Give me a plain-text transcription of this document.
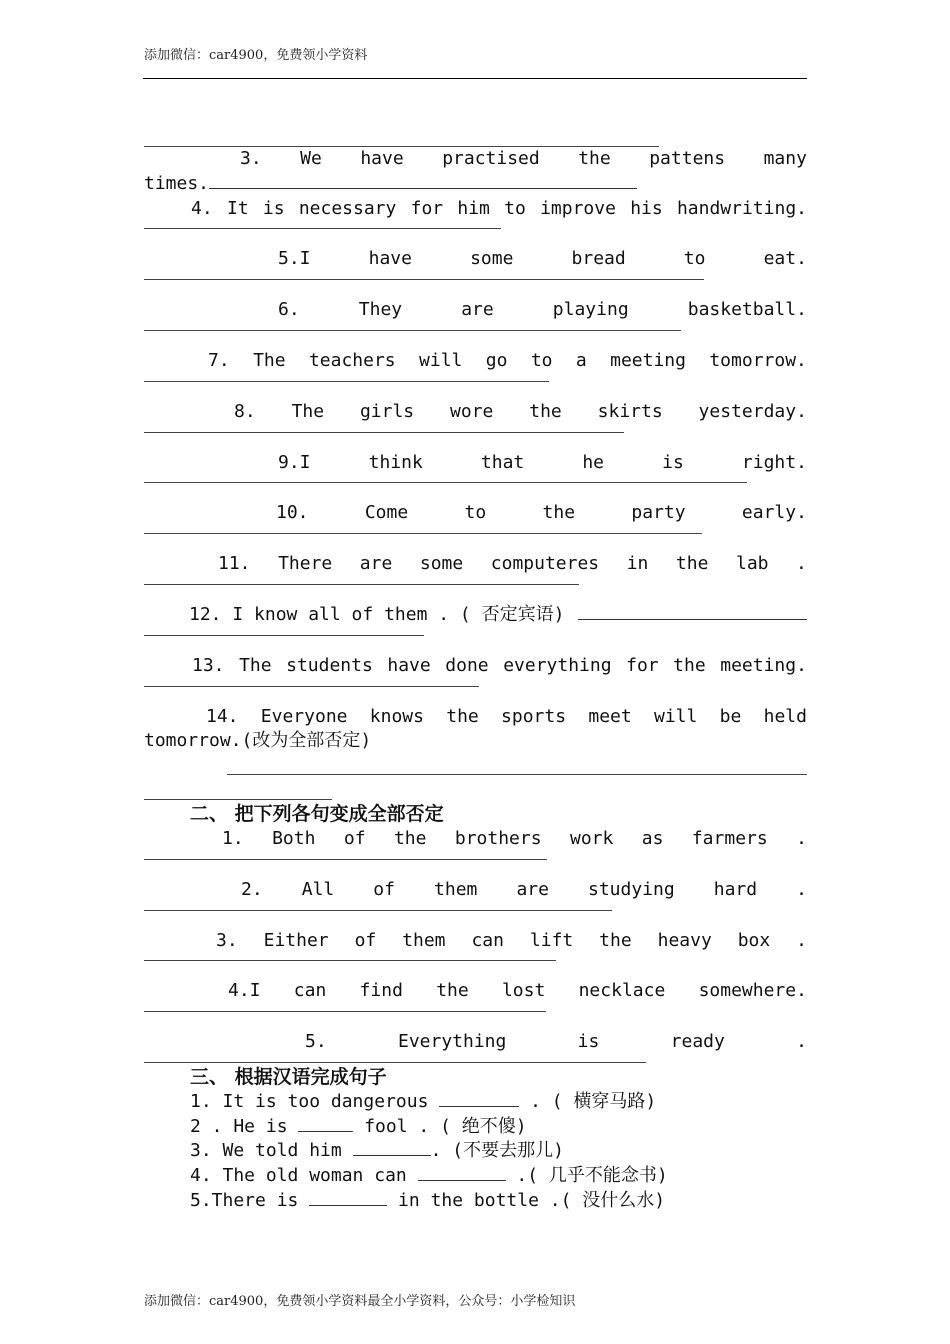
添加微信：car4900，免费领小学资料
3. We have practised the pattens many
times.
4. It is necessary for him to improve his handwriting.
5.I	have	some	bread	to	eat.
6.	They	are	playing	basketball.
7. The teachers will go to a meeting tomorrow.
8. The girls wore the skirts yesterday.
9.I	think	that	he	is	right.
10.	Come	to	the	party	early.
11. There are some computeres in the lab .
12. I know all of them . ( 否定宾语)
13. The students have done everything for the meeting.
14. Everyone knows the sports meet will be held
tomorrow.(改为全部否定)
二、 把下列各句变成全部否定
1. Both of the brothers work as farmers .
2. All of them are studying hard .
3. Either of them can lift the heavy box .
4.I can find the lost necklace somewhere.
5.	Everything	is	ready	.
三、 根据汉语完成句子
1. It is too dangerous	. ( 横穿马路)
2 . He is	fool . ( 绝不傻)
3. We told him	. (不要去那儿)
4. The old woman can	.( 几乎不能念书)
5.There is	in the bottle .( 没什么水)
添加微信：car4900，免费领小学资料最全小学资料，公众号：小学检知识
